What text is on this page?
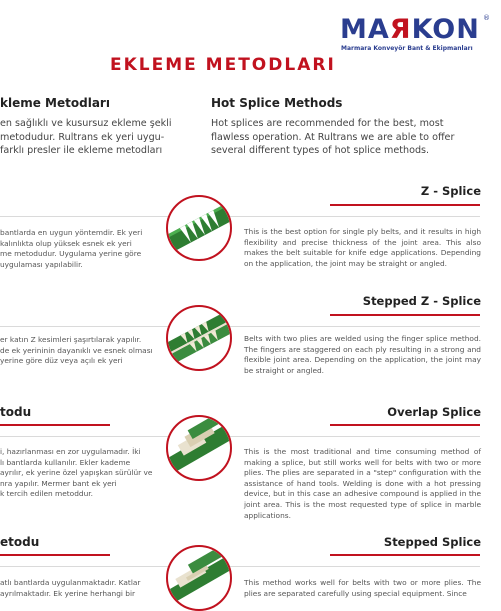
MAЯKON ®
Marmara Konveyör Bant & Ekipmanları
EKLEME METODLARI
kleme Metodları
en sağlıklı ve kusursuz ekleme şekli
metodudur. Rultrans ek yeri uygu-
farklı presler ile ekleme metodları
Hot Splice Methods
Hot splices are recommended for the best, most flawless operation. At Rultrans we are able to offer several different types of hot splice methods.
Z - Splice
bantlarda en uygun yöntemdir. Ek yeri
kalınlıkta olup yüksek esnek ek yeri
me metodudur. Uygulama yerine göre
uygulaması yapılabilir.
This is the best option for single ply belts, and it results in high flexibility and precise thickness of the joint area. This also makes the belt suitable for knife edge applications. Depending on the application, the joint may be straight or angled.
Stepped Z - Splice
er katın Z kesimleri şaşırtılarak yapılır.
de ek yerininin dayanıklı ve esnek olması
yerine göre düz veya açılı ek yeri
Belts with two plies are welded using the finger splice method. The fingers are staggered on each ply resulting in a strong and flexible joint area. Depending on the application, the joint may be straight or angled.
todu	Overlap Splice
i, hazırlanması en zor uygulamadır. İki
lı bantlarda kullanılır. Ekler kademe
ayrılır, ek yerine özel yapışkan sürülür ve
nra yapılır. Mermer bant ek yeri
k tercih edilen metoddur.
This is the most traditional and time consuming method of making a splice, but still works well for belts with two or more plies. The plies are separated in a "step" configuration with the assistance of hand tools. Welding is done with a hot pressing device, but in this case an adhesive compound is applied in the joint area. This is the most requested type of splice in marble applications.
etodu	Stepped Splice
atlı bantlarda uygulanmaktadır. Katlar
ayrılmaktadır. Ek yerine herhangi bir
This method works well for belts with two or more plies. The plies are separated carefully using special equipment. Since
